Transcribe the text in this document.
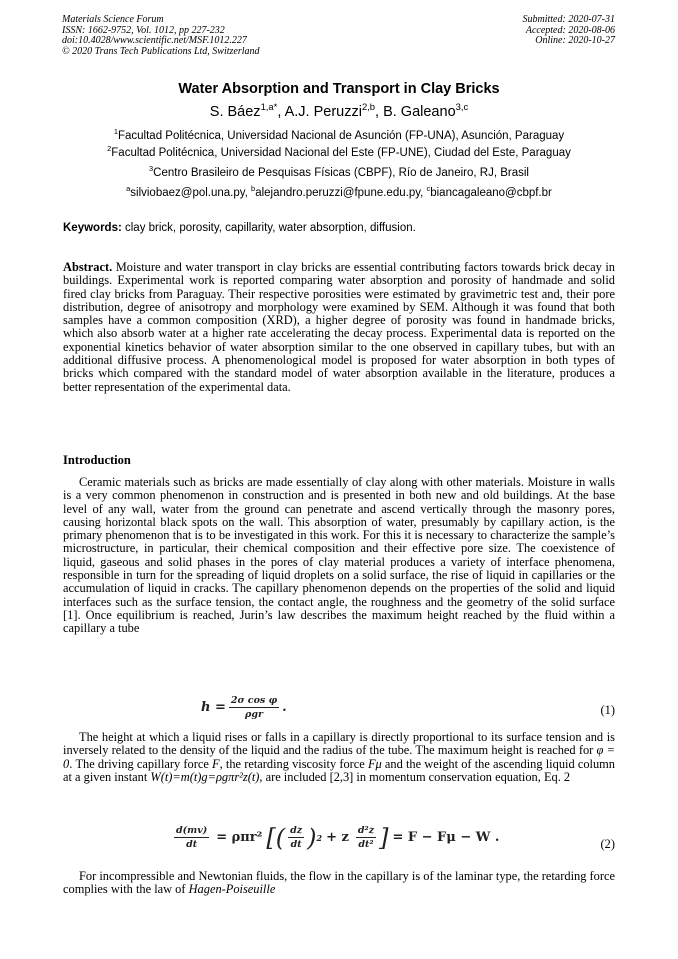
Materials Science Forum
ISSN: 1662-9752, Vol. 1012, pp 227-232
doi:10.4028/www.scientific.net/MSF.1012.227
© 2020 Trans Tech Publications Ltd, Switzerland
Submitted: 2020-07-31
Accepted: 2020-08-06
Online: 2020-10-27
Water Absorption and Transport in Clay Bricks
S. Báez$^{1,a*}$, A.J. Peruzzi$^{2,b}$, B. Galeano$^{3,c}$
$^1$Facultad Politécnica, Universidad Nacional de Asunción (FP-UNA), Asunción, Paraguay
$^2$Facultad Politécnica, Universidad Nacional del Este (FP-UNE), Ciudad del Este, Paraguay
$^3$Centro Brasileiro de Pesquisas Físicas (CBPF), Río de Janeiro, RJ, Brasil
$^a$silviobaez@pol.una.py, $^b$alejandro.peruzzi@fpune.edu.py, $^c$biancagaleano@cbpf.br
Keywords: clay brick, porosity, capillarity, water absorption, diffusion.
Abstract. Moisture and water transport in clay bricks are essential contributing factors towards brick decay in buildings. Experimental work is reported comparing water absorption and porosity of handmade and solid fired clay bricks from Paraguay. Their respective porosities were estimated by gravimetric test and, their pore distribution, degree of anisotropy and morphology were examined by SEM. Although it was found that both samples have a common composition (XRD), a higher degree of porosity was found in handmade bricks, which also absorb water at a higher rate accelerating the decay process. Experimental data is reported on the exponential kinetics behavior of water absorption similar to the one observed in capillary tubes, but with an additional diffusive process. A phenomenological model is proposed for water absorption in both types of bricks which compared with the standard model of water absorption available in the literature, produces a better representation of the experimental data.
Introduction
Ceramic materials such as bricks are made essentially of clay along with other materials. Moisture in walls is a very common phenomenon in construction and is presented in both new and old buildings. At the base level of any wall, water from the ground can penetrate and ascend vertically through the masonry pores, causing horizontal black spots on the wall. This absorption of water, presumably by capillary action, is the primary phenomenon that is to be investigated in this work. For this it is necessary to characterize the sample’s microstructure, in particular, their chemical composition and their effective pore size. The coexistence of liquid, gaseous and solid phases in the pores of clay material produces a variety of interface phenomena, responsible in turn for the spreading of liquid droplets on a solid surface, the rise of liquid in capillaries or the accumulation of liquid in cracks. The capillary phenomenon depends on the properties of the solid and liquid interfaces such as the surface tension, the contact angle, the roughness and the geometry of the solid surface [1]. Once equilibrium is reached, Jurin’s law describes the maximum height reached by the fluid within a capillary a tube
$h = \frac{\text{2σ cos φ}}{\text{ρgr}}$ .	(1)
The height at which a liquid rises or falls in a capillary is directly proportional to its surface tension and is inversely related to the density of the liquid and the radius of the tube. The maximum height is reached for φ = 0. The driving capillary force F, the retarding viscosity force Fμ and the weight of the ascending liquid column at a given instant W(t)=m(t)g=ρgπr²z(t), are included [2,3] in momentum conservation equation, Eq. 2
$\frac{d(mv)}{dt} = \rho\pi r^2$ [( $\frac{dz}{dt}$ ) 2 + z $\frac{\text{d²z}}{\text{dt²}}$ ] = F − Fμ − W .	(2)
For incompressible and Newtonian fluids, the flow in the capillary is of the laminar type, the retarding force complies with the law of Hagen-Poiseuille
